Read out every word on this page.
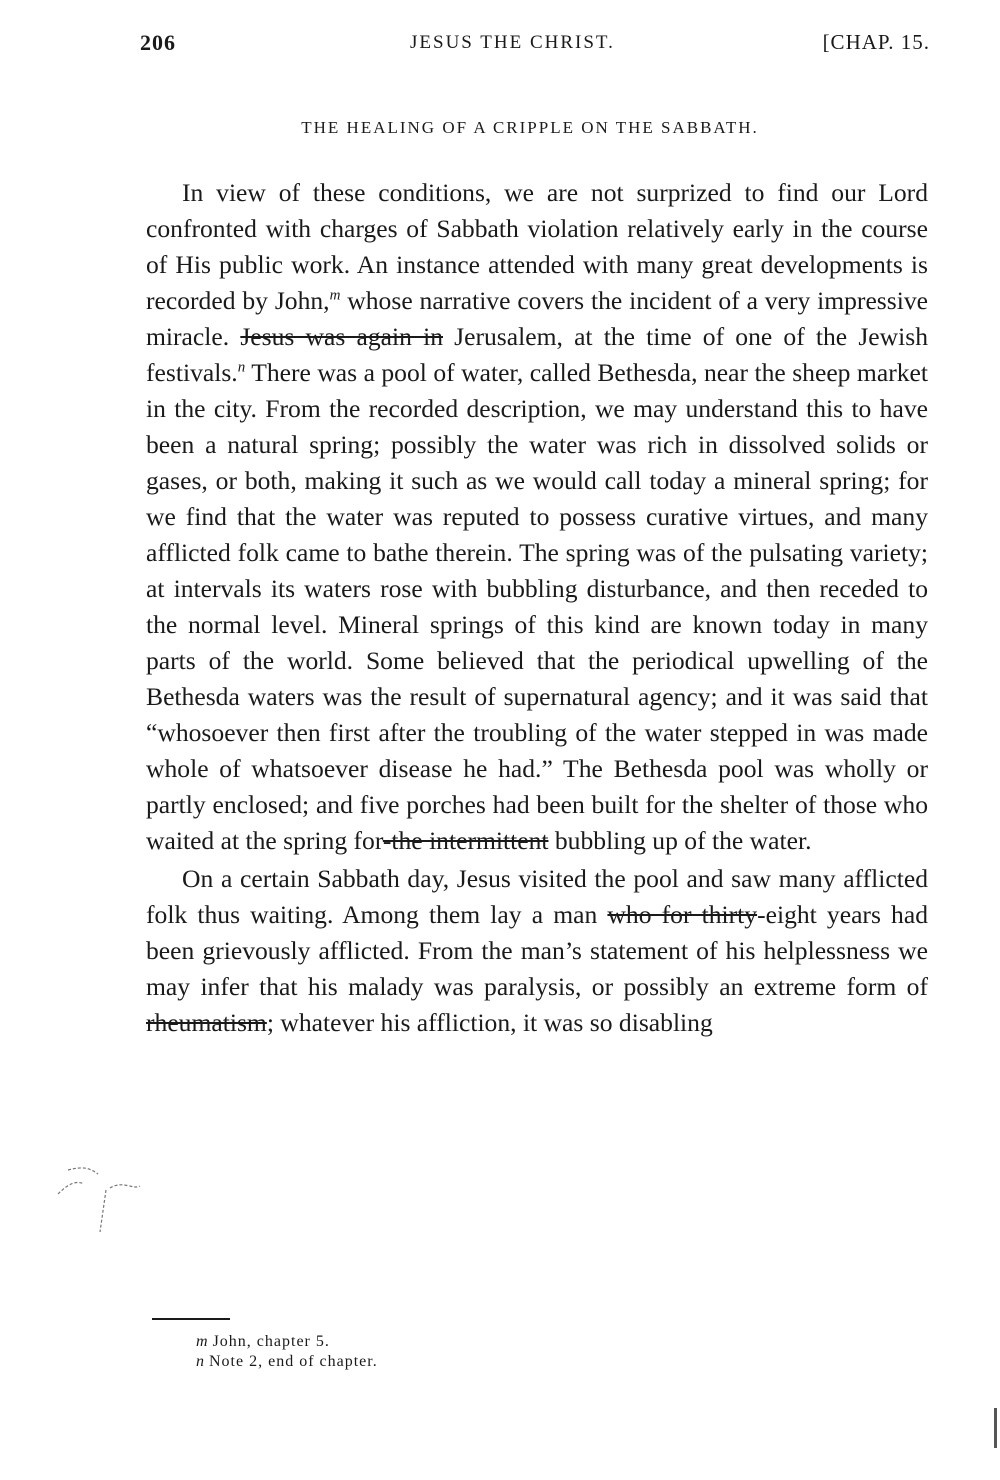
206	JESUS THE CHRIST.	[CHAP. 15.
THE HEALING OF A CRIPPLE ON THE SABBATH.

In view of these conditions, we are not surprized to find our Lord confronted with charges of Sabbath violation relatively early in the course of His public work. An instance attended with many great developments is recorded by John,$^m$ whose narrative covers the incident of a very impressive miracle. Jesus was again in Jerusalem, at the time of one of the Jewish festivals.$^n$ There was a pool of water, called Bethesda, near the sheep market in the city. From the recorded description, we may understand this to have been a natural spring; possibly the water was rich in dissolved solids or gases, or both, making it such as we would call today a mineral spring; for we find that the water was reputed to possess curative virtues, and many afflicted folk came to bathe therein. The spring was of the pulsating variety; at intervals its waters rose with bubbling disturbance, and then receded to the normal level. Mineral springs of this kind are known today in many parts of the world. Some believed that the periodical upwelling of the Bethesda waters was the result of supernatural agency; and it was said that “whosoever then first after the troubling of the water stepped in was made whole of whatsoever disease he had.” The Bethesda pool was wholly or partly enclosed; and five porches had been built for the shelter of those who waited at the spring for-the intermittent bubbling up of the water.

On a certain Sabbath day, Jesus visited the pool and saw many afflicted folk thus waiting. Among them lay a man who for thirty-eight years had been grievously afflicted. From the man’s statement of his helplessness we may infer that his malady was paralysis, or possibly an extreme form of rheumatism; whatever his affliction, it was so disabling

m John, chapter 5.
n Note 2, end of chapter.
